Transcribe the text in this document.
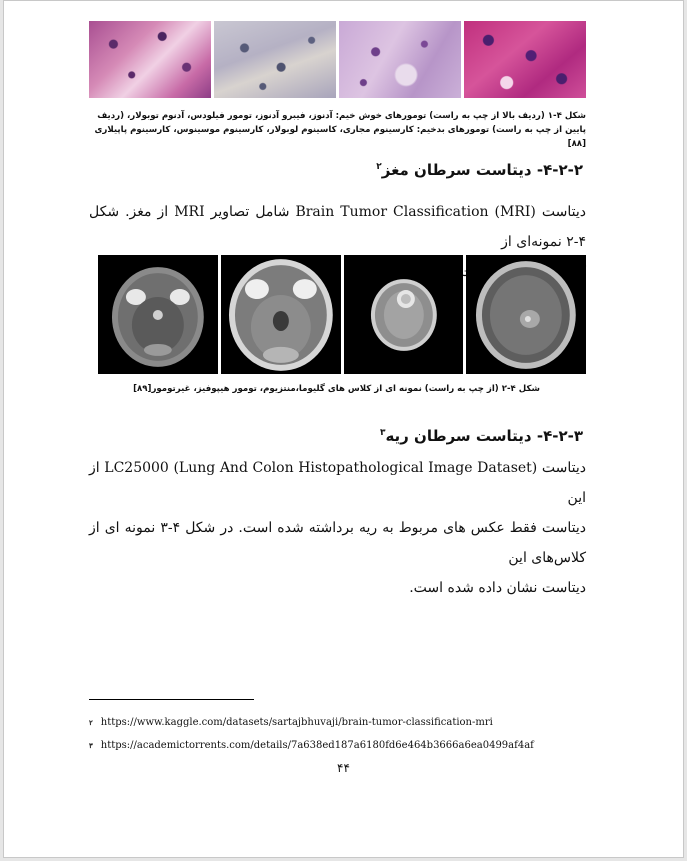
شکل ۴-۱ (ردیف بالا از چپ به راست) تومورهای خوش خیم: آدنوز، فیبرو آدنوز، تومور فیلودس، آدنوم توبولار، (ردیف پایین از چپ به راست) تومورهای بدخیم: کارسینوم مجاری، کاسینوم لوبولار، کارسینوم موسینوس، کارسینوم پاپیلاری [۸۸]
۴-۲-۲- دیتاست سرطان مغز$^۲$
دیتاست Brain Tumor Classification (MRI) شامل تصاویر MRI از مغز. شکل ۴-۲ نمونه‌ای از
شکل ۴-۲ (از چپ به راست) نمونه ای از کلاس های گلیوما،منتزیوم، تومور هیپوفیز، غیرتومور[۸۹]
۴-۲-۳- دیتاست سرطان ریه$^۳$
دیتاست LC25000 (Lung And Colon Histopathological Image Dataset) از این
دیتاست فقط عکس های مربوط به ریه برداشته شده است. در شکل ۴-۳ نمونه ای از کلاس‌های این
دیتاست نشان داده شده است.
۲ https://www.kaggle.com/datasets/sartajbhuvaji/brain-tumor-classification-mri
۳ https://academictorrents.com/details/7a638ed187a6180fd6e464b3666a6ea0499af4af
۴۴
